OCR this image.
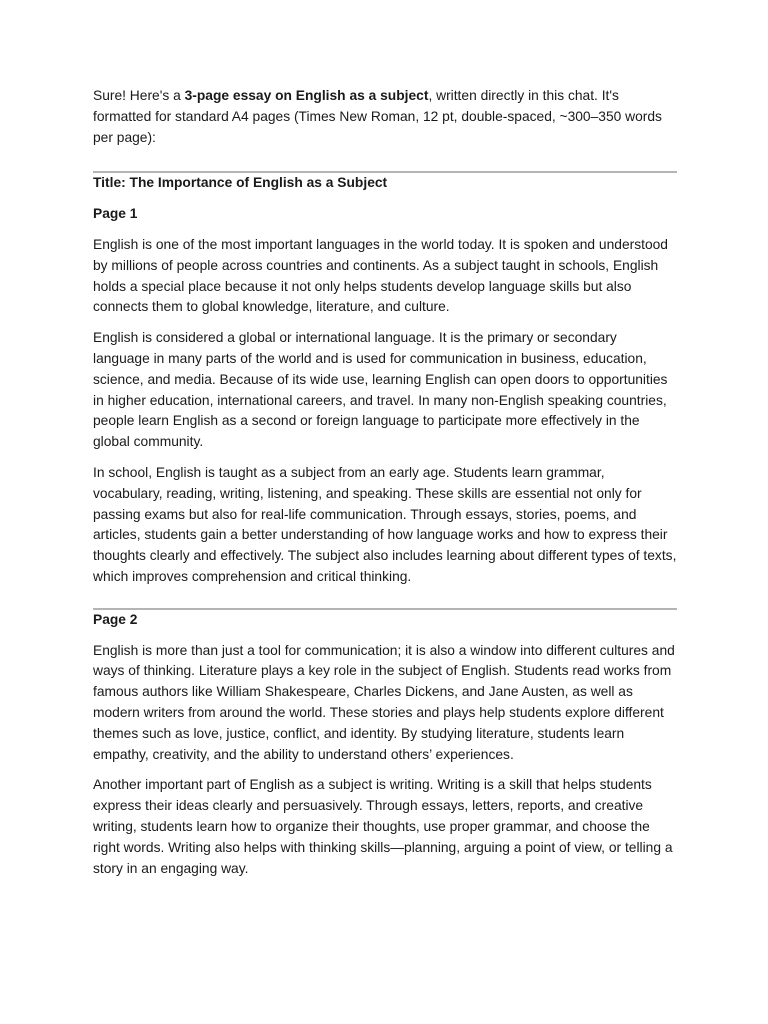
Sure! Here's a 3-page essay on English as a subject, written directly in this chat. It's formatted for standard A4 pages (Times New Roman, 12 pt, double-spaced, ~300–350 words per page):

Title: The Importance of English as a Subject

Page 1

English is one of the most important languages in the world today. It is spoken and understood by millions of people across countries and continents. As a subject taught in schools, English holds a special place because it not only helps students develop language skills but also connects them to global knowledge, literature, and culture.

English is considered a global or international language. It is the primary or secondary language in many parts of the world and is used for communication in business, education, science, and media. Because of its wide use, learning English can open doors to opportunities in higher education, international careers, and travel. In many non-English speaking countries, people learn English as a second or foreign language to participate more effectively in the global community.

In school, English is taught as a subject from an early age. Students learn grammar, vocabulary, reading, writing, listening, and speaking. These skills are essential not only for passing exams but also for real-life communication. Through essays, stories, poems, and articles, students gain a better understanding of how language works and how to express their thoughts clearly and effectively. The subject also includes learning about different types of texts, which improves comprehension and critical thinking.

Page 2

English is more than just a tool for communication; it is also a window into different cultures and ways of thinking. Literature plays a key role in the subject of English. Students read works from famous authors like William Shakespeare, Charles Dickens, and Jane Austen, as well as modern writers from around the world. These stories and plays help students explore different themes such as love, justice, conflict, and identity. By studying literature, students learn empathy, creativity, and the ability to understand others’ experiences.

Another important part of English as a subject is writing. Writing is a skill that helps students express their ideas clearly and persuasively. Through essays, letters, reports, and creative writing, students learn how to organize their thoughts, use proper grammar, and choose the right words. Writing also helps with thinking skills—planning, arguing a point of view, or telling a story in an engaging way.
